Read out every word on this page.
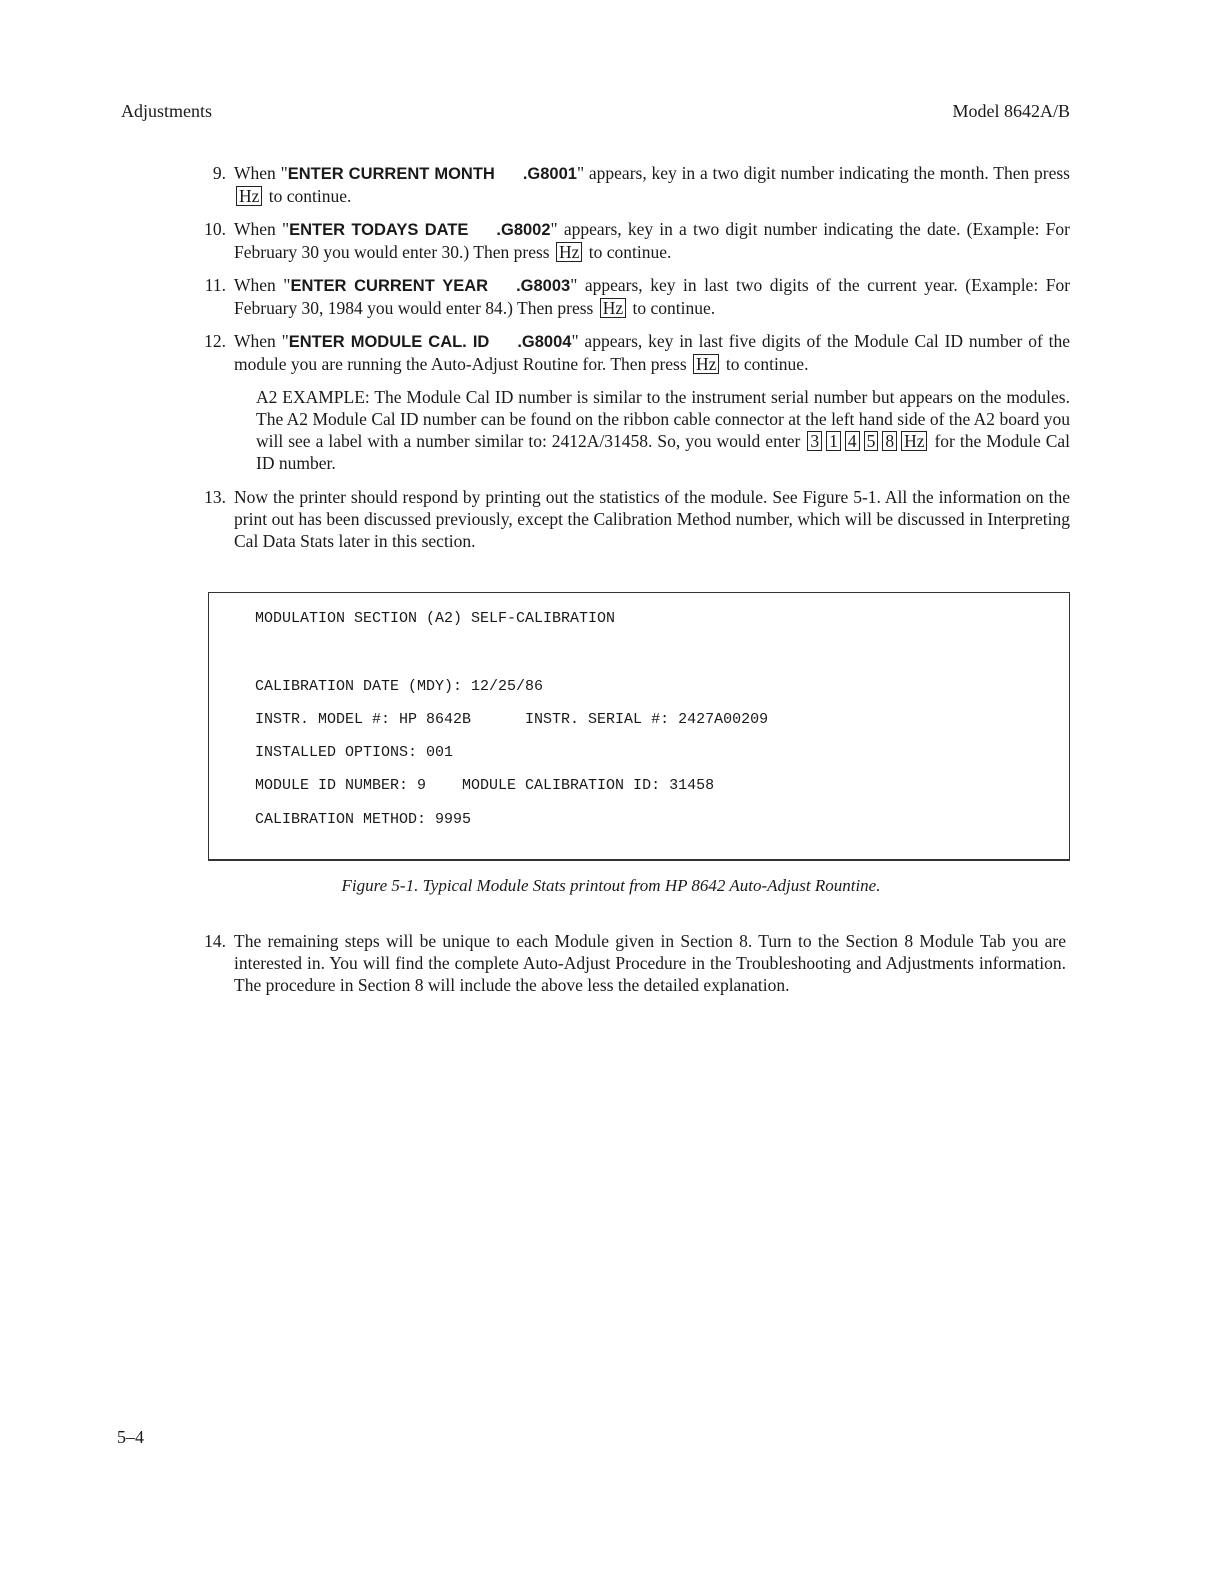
Adjustments	Model 8642A/B
9. When "ENTER CURRENT MONTH .G8001" appears, key in a two digit number indicating the month. Then press Hz to continue.
10. When "ENTER TODAYS DATE .G8002" appears, key in a two digit number indicating the date. (Example: For February 30 you would enter 30.) Then press Hz to continue.
11. When "ENTER CURRENT YEAR .G8003" appears, key in last two digits of the current year. (Example: For February 30, 1984 you would enter 84.) Then press Hz to continue.
12. When "ENTER MODULE CAL. ID .G8004" appears, key in last five digits of the Module Cal ID number of the module you are running the Auto-Adjust Routine for. Then press Hz to continue.
A2 EXAMPLE: The Module Cal ID number is similar to the instrument serial number but appears on the modules. The A2 Module Cal ID number can be found on the ribbon cable connector at the left hand side of the A2 board you will see a label with a number similar to: 2412A/31458. So, you would enter 3 1 4 5 8 Hz for the Module Cal ID number.
13. Now the printer should respond by printing out the statistics of the module. See Figure 5-1. All the information on the print out has been discussed previously, except the Calibration Method number, which will be discussed in Interpreting Cal Data Stats later in this section.
MODULATION SECTION (A2) SELF-CALIBRATION
CALIBRATION DATE (MDY): 12/25/86
INSTR. MODEL #: HP 8642B      INSTR. SERIAL #: 2427A00209
INSTALLED OPTIONS: 001
MODULE ID NUMBER: 9    MODULE CALIBRATION ID: 31458
CALIBRATION METHOD: 9995
Figure 5-1. Typical Module Stats printout from HP 8642 Auto-Adjust Rountine.
14. The remaining steps will be unique to each Module given in Section 8. Turn to the Section 8 Module Tab you are interested in. You will find the complete Auto-Adjust Procedure in the Troubleshooting and Adjustments information. The procedure in Section 8 will include the above less the detailed explanation.
5–4
